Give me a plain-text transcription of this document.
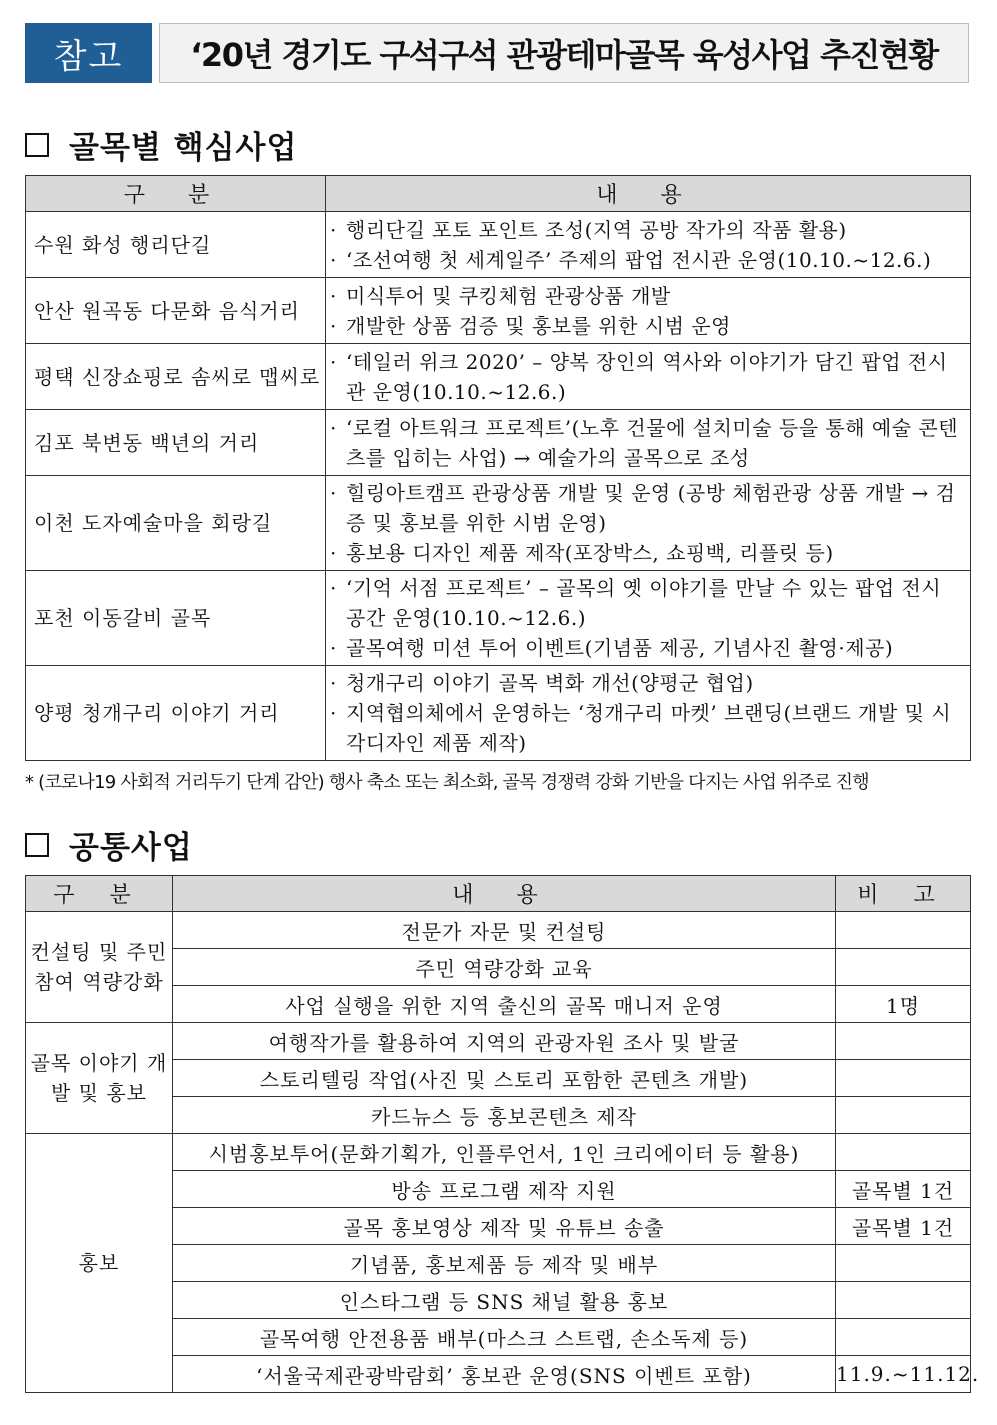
참고	‘20년 경기도 구석구석 관광테마골목 육성사업 추진현황
골목별 핵심사업
구 분	내 용
수원 화성 행리단길	· 행리단길 포토 포인트 조성(지역 공방 작가의 작품 활용)
· ‘조선여행 첫 세계일주’ 주제의 팝업 전시관 운영(10.10.~12.6.)

안산 원곡동 다문화 음식거리	· 미식투어 및 쿠킹체험 관광상품 개발
· 개발한 상품 검증 및 홍보를 위한 시범 운영

평택 신장쇼핑로 솜씨로 맵씨로	· ‘테일러 위크 2020’ – 양복 장인의 역사와 이야기가 담긴 팝업 전시관 운영(10.10.~12.6.)

김포 북변동 백년의 거리	· ‘로컬 아트워크 프로젝트’(노후 건물에 설치미술 등을 통해 예술 콘텐츠를 입히는 사업) → 예술가의 골목으로 조성

이천 도자예술마을 회랑길	· 힐링아트캠프 관광상품 개발 및 운영 (공방 체험관광 상품 개발 → 검증 및 홍보를 위한 시범 운영)
· 홍보용 디자인 제품 제작(포장박스, 쇼핑백, 리플릿 등)

포천 이동갈비 골목	· ‘기억 서점 프로젝트’ – 골목의 옛 이야기를 만날 수 있는 팝업 전시 공간 운영(10.10.~12.6.)
· 골목여행 미션 투어 이벤트(기념품 제공, 기념사진 촬영·제공)

양평 청개구리 이야기 거리	· 청개구리 이야기 골목 벽화 개선(양평군 협업)
· 지역협의체에서 운영하는 ‘청개구리 마켓’ 브랜딩(브랜드 개발 및 시각디자인 제품 제작)
* (코로나19 사회적 거리두기 단계 감안) 행사 축소 또는 최소화, 골목 경쟁력 강화 기반을 다지는 사업 위주로 진행
공통사업
구 분	내 용	비 고
컨설팅 및 주민참여 역량강화	전문가 자문 및 컨설팅	
	주민 역량강화 교육	
	사업 실행을 위한 지역 출신의 골목 매니저 운영	1명
골목 이야기 개발 및 홍보	여행작가를 활용하여 지역의 관광자원 조사 및 발굴	
	스토리텔링 작업(사진 및 스토리 포함한 콘텐츠 개발)	
	카드뉴스 등 홍보콘텐츠 제작	
홍보	시범홍보투어(문화기획가, 인플루언서, 1인 크리에이터 등 활용)	
	방송 프로그램 제작 지원	골목별 1건
	골목 홍보영상 제작 및 유튜브 송출	골목별 1건
	기념품, 홍보제품 등 제작 및 배부	
	인스타그램 등 SNS 채널 활용 홍보	
	골목여행 안전용품 배부(마스크 스트랩, 손소독제 등)	
	‘서울국제관광박람회’ 홍보관 운영(SNS 이벤트 포함)	11.9.~11.12.
